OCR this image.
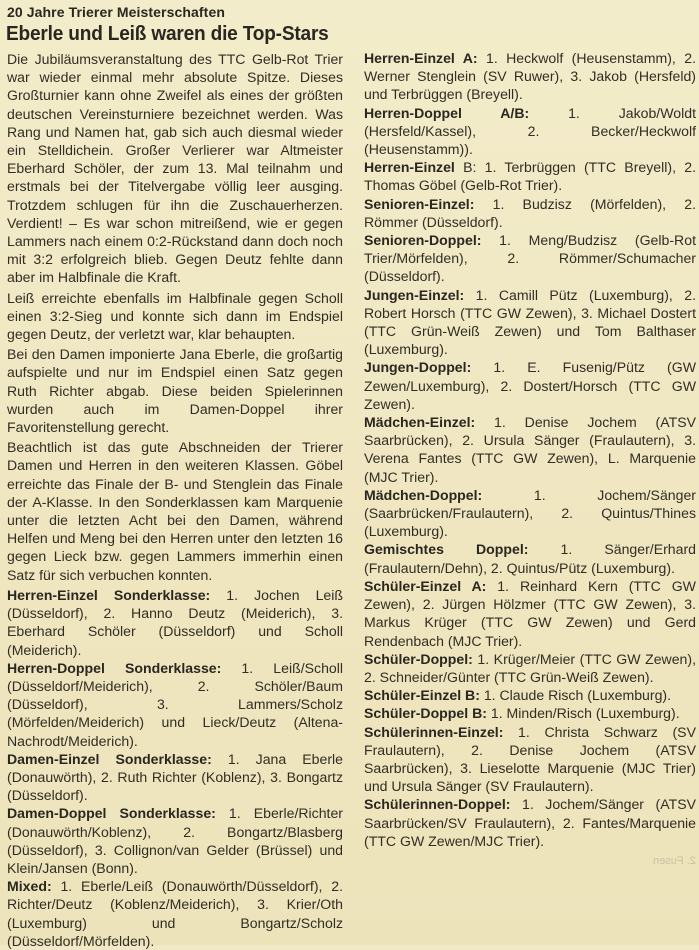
20 Jahre Trierer Meisterschaften
Eberle und Leiß waren die Top-Stars

Die Jubiläumsveranstaltung des TTC Gelb-Rot Trier war wieder einmal mehr absolute Spitze. Dieses Großturnier kann ohne Zweifel als eines der größten deutschen Vereinsturniere bezeichnet werden. Was Rang und Namen hat, gab sich auch diesmal wieder ein Stelldichein. Großer Verlierer war Altmeister Eberhard Schöler, der zum 13. Mal teilnahm und erstmals bei der Titelvergabe völlig leer ausging. Trotzdem schlugen für ihn die Zuschauerherzen. Verdient! – Es war schon mitreißend, wie er gegen Lammers nach einem 0:2-Rückstand dann doch noch mit 3:2 erfolgreich blieb. Gegen Deutz fehlte dann aber im Halbfinale die Kraft.

Leiß erreichte ebenfalls im Halbfinale gegen Scholl einen 3:2-Sieg und konnte sich dann im Endspiel gegen Deutz, der verletzt war, klar behaupten.

Bei den Damen imponierte Jana Eberle, die großartig aufspielte und nur im Endspiel einen Satz gegen Ruth Richter abgab. Diese beiden Spielerinnen wurden auch im Damen-Doppel ihrer Favoritenstellung gerecht.

Beachtlich ist das gute Abschneiden der Trierer Damen und Herren in den weiteren Klassen. Göbel erreichte das Finale der B- und Stenglein das Finale der A-Klasse. In den Sonderklassen kam Marquenie unter die letzten Acht bei den Damen, während Helfen und Meng bei den Herren unter den letzten 16 gegen Lieck bzw. gegen Lammers immerhin einen Satz für sich verbuchen konnten.

Herren-Einzel Sonderklasse: 1. Jochen Leiß (Düsseldorf), 2. Hanno Deutz (Meiderich), 3. Eberhard Schöler (Düsseldorf) und Scholl (Meiderich).

Herren-Doppel Sonderklasse: 1. Leiß/Scholl (Düsseldorf/Meiderich), 2. Schöler/Baum (Düsseldorf), 3. Lammers/Scholz (Mörfelden/Meiderich) und Lieck/Deutz (Altena-Nachrodt/Meiderich).

Damen-Einzel Sonderklasse: 1. Jana Eberle (Donauwörth), 2. Ruth Richter (Koblenz), 3. Bongartz (Düsseldorf).

Damen-Doppel Sonderklasse: 1. Eberle/Richter (Donauwörth/Koblenz), 2. Bongartz/Blasberg (Düsseldorf), 3. Collignon/van Gelder (Brüssel) und Klein/Jansen (Bonn).

Mixed: 1. Eberle/Leiß (Donauwörth/Düsseldorf), 2. Richter/Deutz (Koblenz/Meiderich), 3. Krier/Oth (Luxemburg) und Bongartz/Scholz (Düsseldorf/Mörfelden).

Herren-Einzel A: 1. Heckwolf (Heusenstamm), 2. Werner Stenglein (SV Ruwer), 3. Jakob (Hersfeld) und Terbrüggen (Breyell).

Herren-Doppel A/B: 1. Jakob/Woldt (Hersfeld/Kassel), 2. Becker/Heckwolf (Heusenstamm)).

Herren-Einzel B: 1. Terbrüggen (TTC Breyell), 2. Thomas Göbel (Gelb-Rot Trier).

Senioren-Einzel: 1. Budzisz (Mörfelden), 2. Römmer (Düsseldorf).

Senioren-Doppel: 1. Meng/Budzisz (Gelb-Rot Trier/Mörfelden), 2. Römmer/Schumacher (Düsseldorf).

Jungen-Einzel: 1. Camill Pütz (Luxemburg), 2. Robert Horsch (TTC GW Zewen), 3. Michael Dostert (TTC Grün-Weiß Zewen) und Tom Balthaser (Luxemburg).

Jungen-Doppel: 1. E. Fusenig/Pütz (GW Zewen/Luxemburg), 2. Dostert/Horsch (TTC GW Zewen).

Mädchen-Einzel: 1. Denise Jochem (ATSV Saarbrücken), 2. Ursula Sänger (Fraulautern), 3. Verena Fantes (TTC GW Zewen), L. Marquenie (MJC Trier).

Mädchen-Doppel: 1. Jochem/Sänger (Saarbrücken/Fraulautern), 2. Quintus/Thines (Luxemburg).

Gemischtes Doppel: 1. Sänger/Erhard (Fraulautern/Dehn), 2. Quintus/Pütz (Luxemburg).

Schüler-Einzel A: 1. Reinhard Kern (TTC GW Zewen), 2. Jürgen Hölzmer (TTC GW Zewen), 3. Markus Krüger (TTC GW Zewen) und Gerd Rendenbach (MJC Trier).

Schüler-Doppel: 1. Krüger/Meier (TTC GW Zewen), 2. Schneider/Günter (TTC Grün-Weiß Zewen).

Schüler-Einzel B: 1. Claude Risch (Luxemburg).

Schüler-Doppel B: 1. Minden/Risch (Luxemburg).

Schülerinnen-Einzel: 1. Christa Schwarz (SV Fraulautern), 2. Denise Jochem (ATSV Saarbrücken), 3. Lieselotte Marquenie (MJC Trier) und Ursula Sänger (SV Fraulautern).

Schülerinnen-Doppel: 1. Jochem/Sänger (ATSV Saarbrücken/SV Fraulautern), 2. Fantes/Marquenie (TTC GW Zewen/MJC Trier).

2. Fusen
